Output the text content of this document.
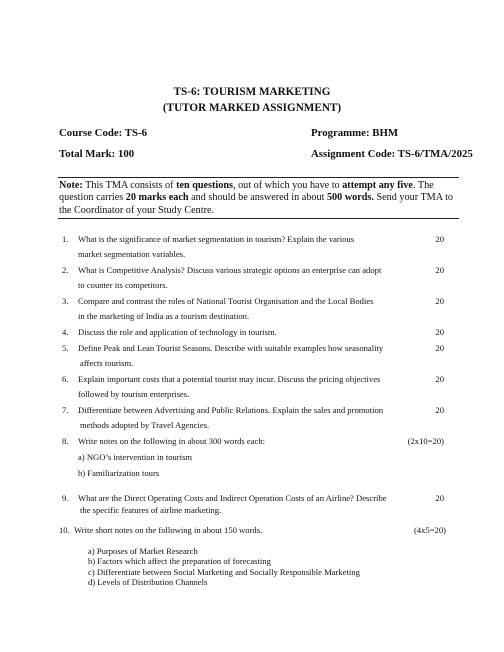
TS-6: TOURISM MARKETING
(TUTOR MARKED ASSIGNMENT)
Course Code: TS-6	Programme: BHM
Total Mark: 100	Assignment Code: TS-6/TMA/2025
Note: This TMA consists of ten questions, out of which you have to attempt any five. The question carries 20 marks each and should be answered in about 500 words. Send your TMA to the Coordinator of your Study Centre.
1. What is the significance of market segmentation in tourism? Explain the various
market segmentation variables.
20
2. What is Competitive Analysis? Discuss various strategic options an enterprise can adopt
to counter its competitors.
20
3. Compare and contrast the roles of National Tourist Organisation and the Local Bodies
in the marketing of India as a tourism destination.
20
4. Discuss the role and application of technology in tourism.	20
5. Define Peak and Lean Tourist Seasons. Describe with suitable examples how seasonality
affects tourism.
20
6. Explain important costs that a potential tourist may incur. Discuss the pricing objectives
followed by tourism enterprises.
20
7. Differentiate between Advertising and Public Relations. Explain the sales and promotion
methods adopted by Travel Agencies.
20
8. Write notes on the following in about 300 words each:	(2x10=20)
a) NGO’s intervention in tourism
b) Familiarization tours
9. What are the Direct Operating Costs and Indirect Operation Costs of an Airline? Describe
the specific features of airline marketing.
20
10. Write short notes on the following in about 150 words.	(4x5=20)
a) Purposes of Market Research
b) Factors which affect the preparation of forecasting
c) Differentiate between Social Marketing and Socially Responsible Marketing
d) Levels of Distribution Channels
